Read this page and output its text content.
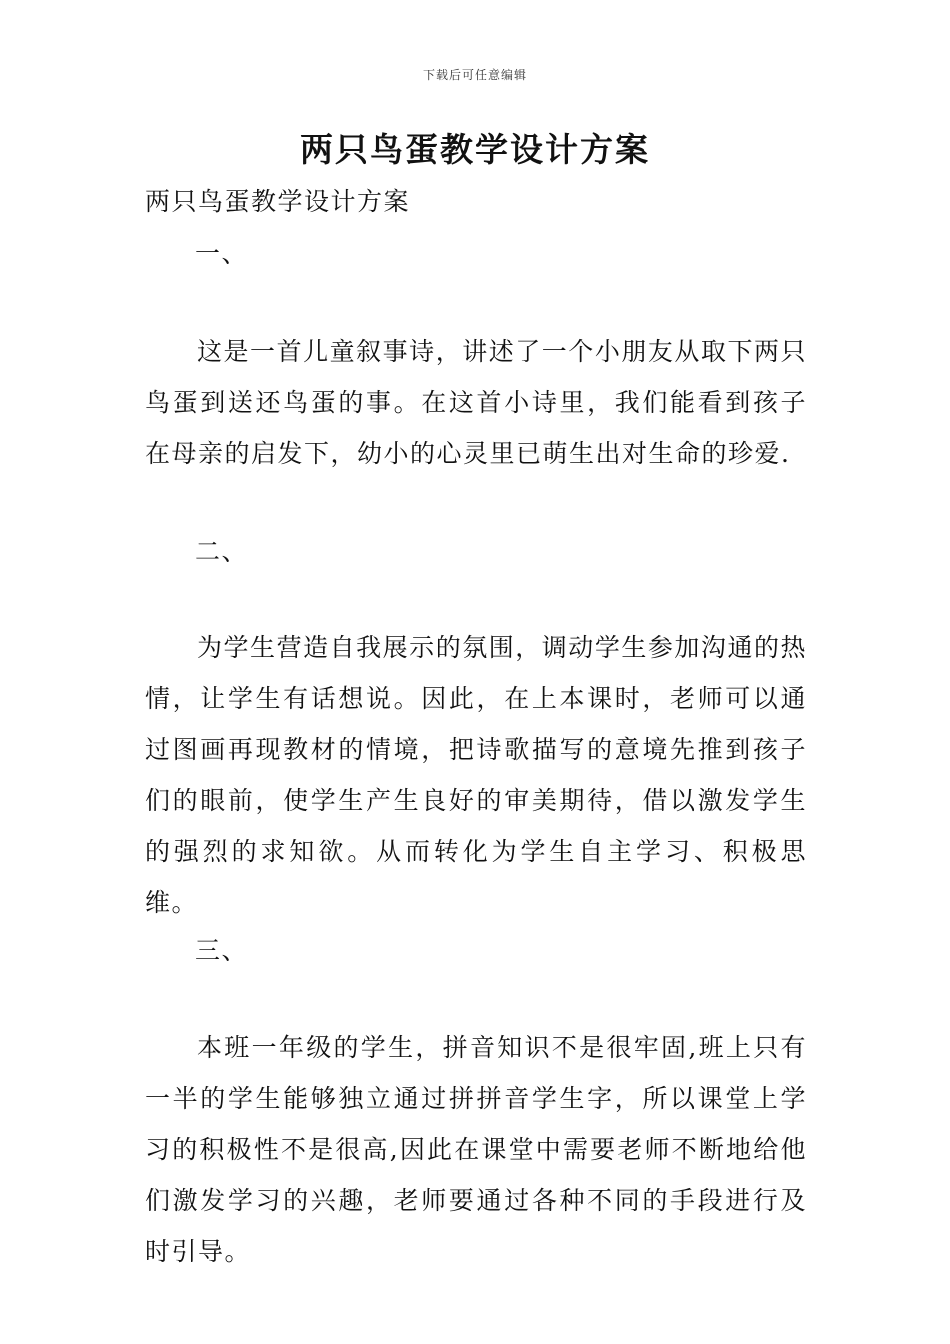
下载后可任意编辑
两只鸟蛋教学设计方案

两只鸟蛋教学设计方案

一、

这是一首儿童叙事诗，讲述了一个小朋友从取下两只鸟蛋到送还鸟蛋的事。在这首小诗里，我们能看到孩子在母亲的启发下，幼小的心灵里已萌生出对生命的珍爱.

二、

为学生营造自我展示的氛围，调动学生参加沟通的热情，让学生有话想说。因此，在上本课时，老师可以通过图画再现教材的情境，把诗歌描写的意境先推到孩子们的眼前，使学生产生良好的审美期待，借以激发学生的强烈的求知欲。从而转化为学生自主学习、积极思维。

三、

本班一年级的学生，拼音知识不是很牢固,班上只有一半的学生能够独立通过拼拼音学生字，所以课堂上学习的积极性不是很高,因此在课堂中需要老师不断地给他们激发学习的兴趣，老师要通过各种不同的手段进行及时引导。
